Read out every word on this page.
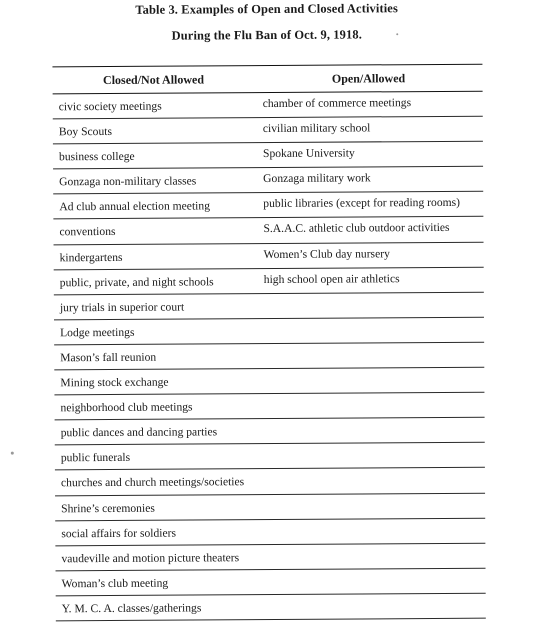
Table 3. Examples of Open and Closed Activities
During the Flu Ban of Oct. 9, 1918.
Closed/Not Allowed	Open/Allowed
civic society meetings	chamber of commerce meetings
Boy Scouts	civilian military school
business college	Spokane University
Gonzaga non-military classes	Gonzaga military work
Ad club annual election meeting	public libraries (except for reading rooms)
conventions	S.A.A.C. athletic club outdoor activities
kindergartens	Women’s Club day nursery
public, private, and night schools	high school open air athletics
jury trials in superior court
Lodge meetings
Mason’s fall reunion
Mining stock exchange
neighborhood club meetings
public dances and dancing parties
public funerals
churches and church meetings/societies
Shrine’s ceremonies
social affairs for soldiers
vaudeville and motion picture theaters
Woman’s club meeting
Y. M. C. A. classes/gatherings
